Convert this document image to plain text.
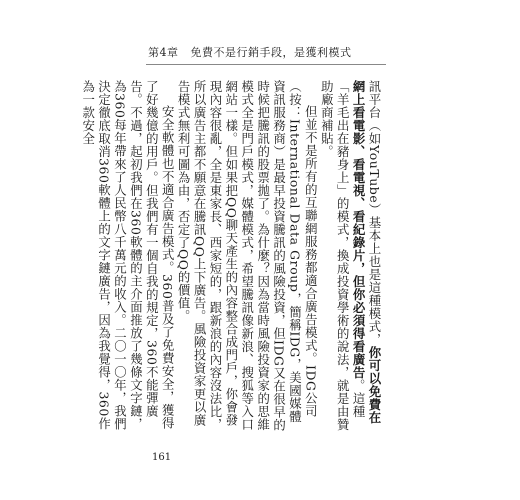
第4章 免費不是行銷手段，是獲利模式

訊平台（如YouTube）基本上也是這種模式，你可以免費在網上看電影、看電視、看紀錄片，但你必須得看廣告。這種「羊毛出在豬身上」的模式，換成投資學術的說法，就是由贊助廠商補貼。

但並不是所有的互聯網服務都適合廣告模式。IDG公司（按：International Data Group，簡稱IDG，美國媒體資訊服務商）是最早投資騰訊的風險投資，但IDG又在很早的時候把騰訊的股票拋了。為什麼？因為當時風險投資家的思維模式全是門戶模式，媒體模式，希望騰訊像新浪、搜狐等入口網站一樣。但如果把QQ聊天產生的內容整合成門戶，你會發現內容很亂，全是東家長、西家短的，跟新浪的內容沒法比，所以廣告主都不願意在騰訊QQ上下廣告。風險投資家更以廣告模式無利可圖為由，否定了QQ的價值。

安全軟體也不適合廣告模式。360普及了免費安全，獲得了好幾億的用戶。但我們有一個自我的規定，360不能彈廣告。不過，起初我們在360軟體的主介面推放了幾條文字鏈，為360每年帶來了人民幣八千萬元的收入。二〇一〇年，我們決定徹底取消360軟體上的文字鏈廣告，因為我覺得，360作為一款安全

161
